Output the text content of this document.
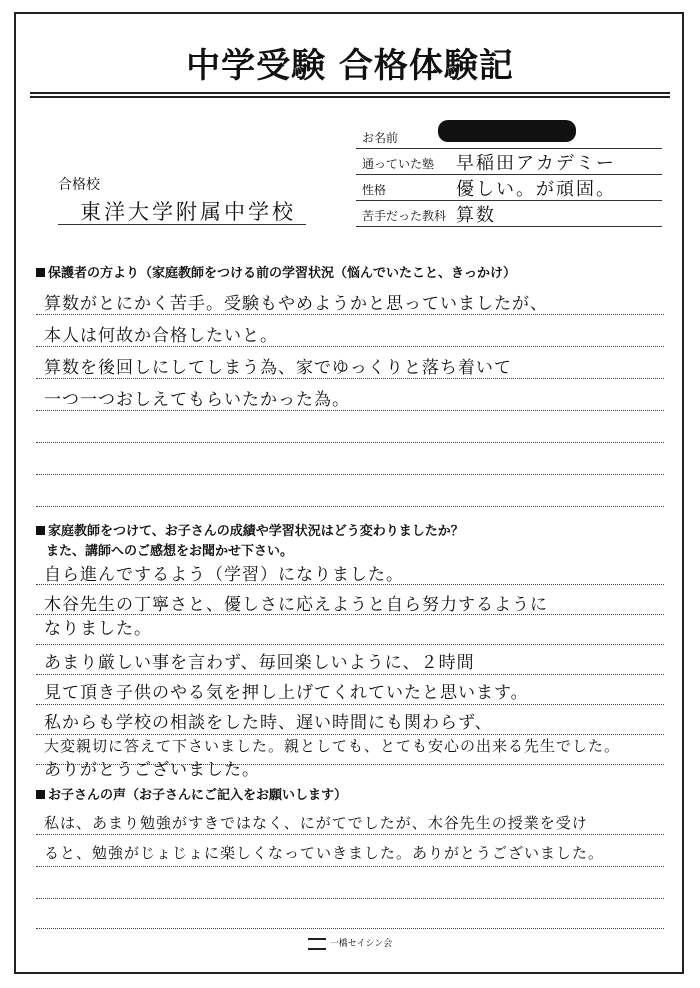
中学受験 合格体験記
お名前
通っていた塾 早稲田アカデミー
性格	優しい。が頑固。
苦手だった教科 算数
合格校
東洋大学附属中学校
保護者の方より（家庭教師をつける前の学習状況（悩んでいたこと、きっかけ）
算数がとにかく苦手。受験もやめようかと思っていましたが、
本人は何故か合格したいと。
算数を後回しにしてしまう為、家でゆっくりと落ち着いて
一つ一つおしえてもらいたかった為。
家庭教師をつけて、お子さんの成績や学習状況はどう変わりましたか？
また、講師へのご感想をお聞かせ下さい。
自ら進んでするよう（学習）になりました。
木谷先生の丁寧さと、優しさに応えようと自ら努力するように
なりました。
あまり厳しい事を言わず、毎回楽しいように、２時間
見て頂き子供のやる気を押し上げてくれていたと思います。
私からも学校の相談をした時、遅い時間にも関わらず、
大変親切に答えて下さいました。親としても、とても安心の出来る先生でした。
ありがとうございました。
お子さんの声（お子さんにご記入をお願いします）
私は、あまり勉強がすきではなく、にがてでしたが、木谷先生の授業を受け
ると、勉強がじょじょに楽しくなっていきました。ありがとうございました。
一橋セイシン会
